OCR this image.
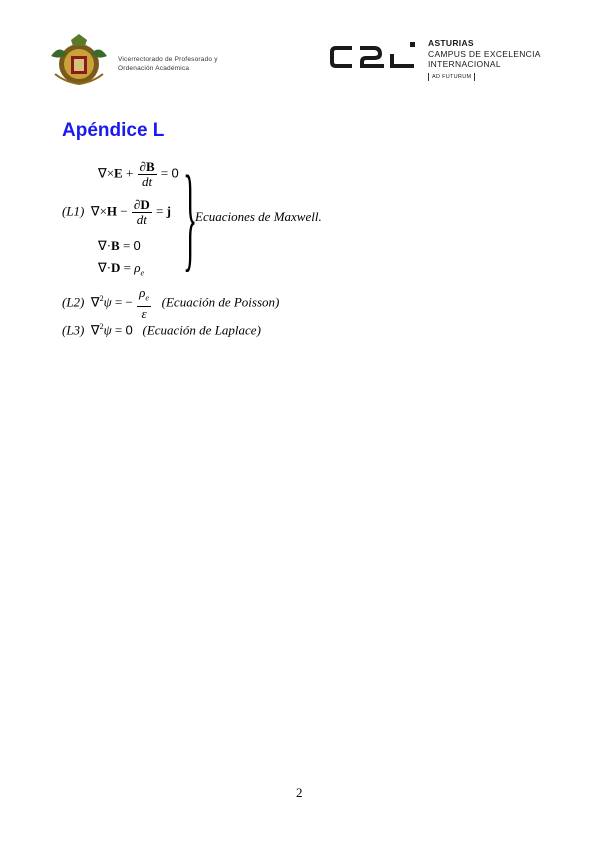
Vicerrectorado de Profesorado y
Ordenación Académica
ASTURIAS
CAMPUS DE EXCELENCIA
INTERNACIONAL
AD FUTURUM
Apéndice L
$\nabla\times E + \frac{\partial B}{dt} = 0$
(L1)  $\nabla\times H - \frac{\partial D}{dt} = j$
∇·B = 0
$\nabla\cdot D = \rho_e$ }
Ecuaciones de Maxwell.
(L2)  ∇$^2$ψ = − $\frac{\rho_e}{\varepsilon}$ (Ecuación de Poisson)
(L3)  ∇$^2$ψ = 0 (Ecuación de Laplace)
2
